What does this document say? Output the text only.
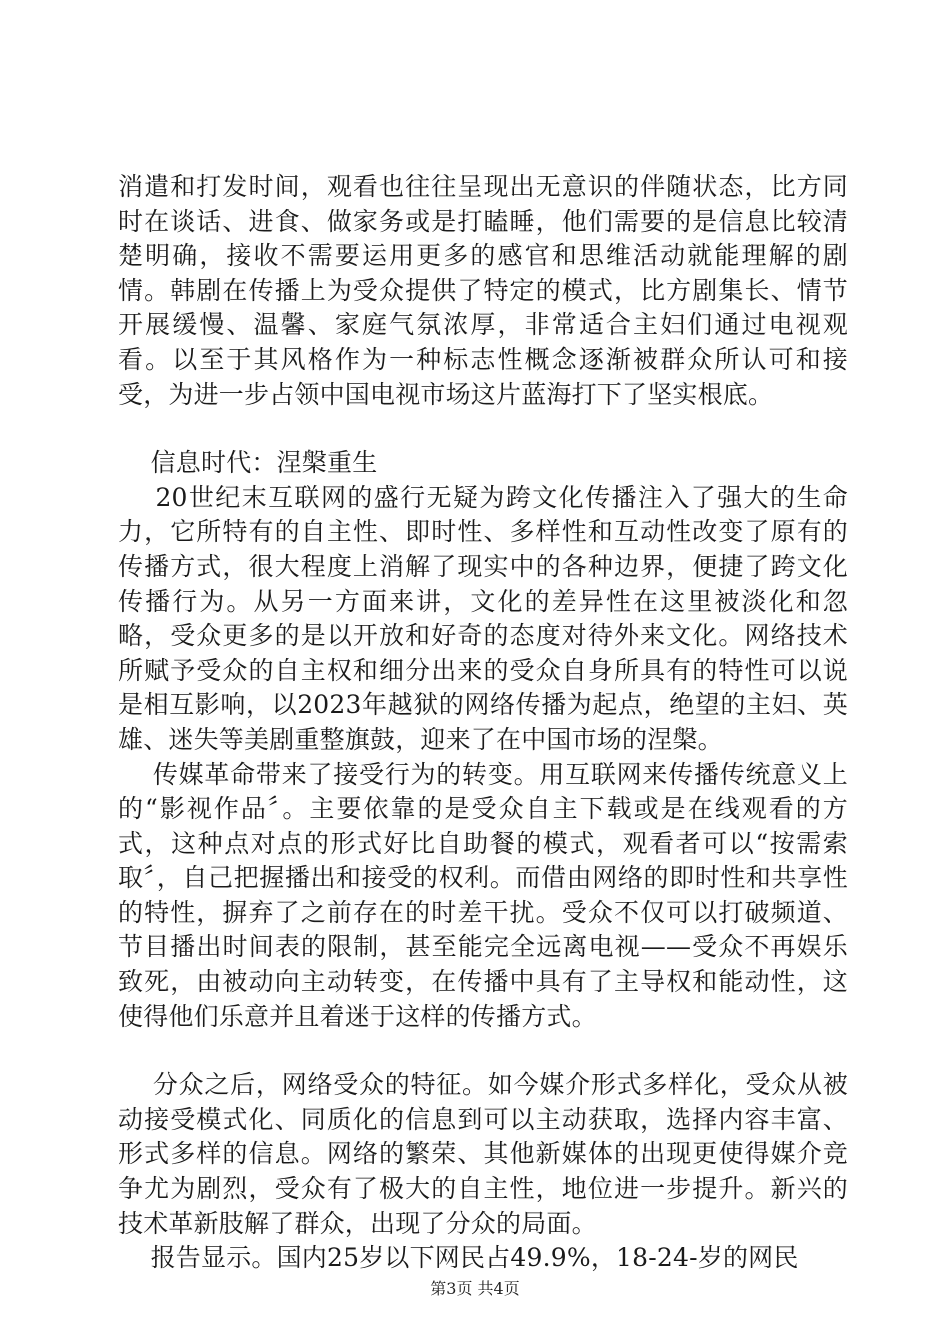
消遣和打发时间，观看也往往呈现出无意识的伴随状态，比方同时在谈话、进食、做家务或是打瞌睡，他们需要的是信息比较清楚明确，接收不需要运用更多的感官和思维活动就能理解的剧情。韩剧在传播上为受众提供了特定的模式，比方剧集长、情节开展缓慢、温馨、家庭气氛浓厚，非常适合主妇们通过电视观看。以至于其风格作为一种标志性概念逐渐被群众所认可和接受，为进一步占领中国电视市场这片蓝海打下了坚实根底。

信息时代：涅槃重生

20世纪末互联网的盛行无疑为跨文化传播注入了强大的生命力，它所特有的自主性、即时性、多样性和互动性改变了原有的传播方式，很大程度上消解了现实中的各种边界，便捷了跨文化传播行为。从另一方面来讲，文化的差异性在这里被淡化和忽略，受众更多的是以开放和好奇的态度对待外来文化。网络技术所赋予受众的自主权和细分出来的受众自身所具有的特性可以说是相互影响，以2023年越狱的网络传播为起点，绝望的主妇、英雄、迷失等美剧重整旗鼓，迎来了在中国市场的涅槃。

传媒革命带来了接受行为的转变。用互联网来传播传统意义上的“影视作品〞。主要依靠的是受众自主下载或是在线观看的方式，这种点对点的形式好比自助餐的模式，观看者可以“按需索取〞，自己把握播出和接受的权利。而借由网络的即时性和共享性的特性，摒弃了之前存在的时差干扰。受众不仅可以打破频道、节目播出时间表的限制，甚至能完全远离电视——受众不再娱乐致死，由被动向主动转变，在传播中具有了主导权和能动性，这使得他们乐意并且着迷于这样的传播方式。

分众之后，网络受众的特征。如今媒介形式多样化，受众从被动接受模式化、同质化的信息到可以主动获取，选择内容丰富、形式多样的信息。网络的繁荣、其他新媒体的出现更使得媒介竞争尤为剧烈，受众有了极大的自主性，地位进一步提升。新兴的技术革新肢解了群众，出现了分众的局面。

报告显示。国内25岁以下网民占49.9%，18-24-岁的网民

第3页 共4页
